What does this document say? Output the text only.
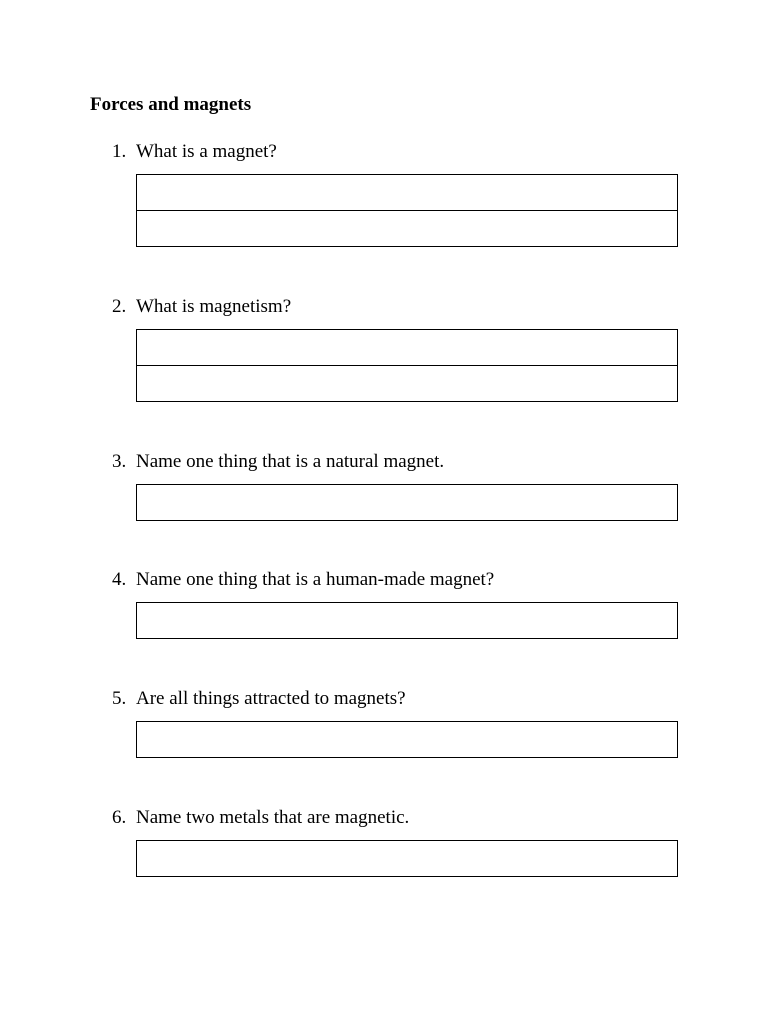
Forces and magnets
1. What is a magnet?
2. What is magnetism?
3. Name one thing that is a natural magnet.
4. Name one thing that is a human-made magnet?
5. Are all things attracted to magnets?
6. Name two metals that are magnetic.
